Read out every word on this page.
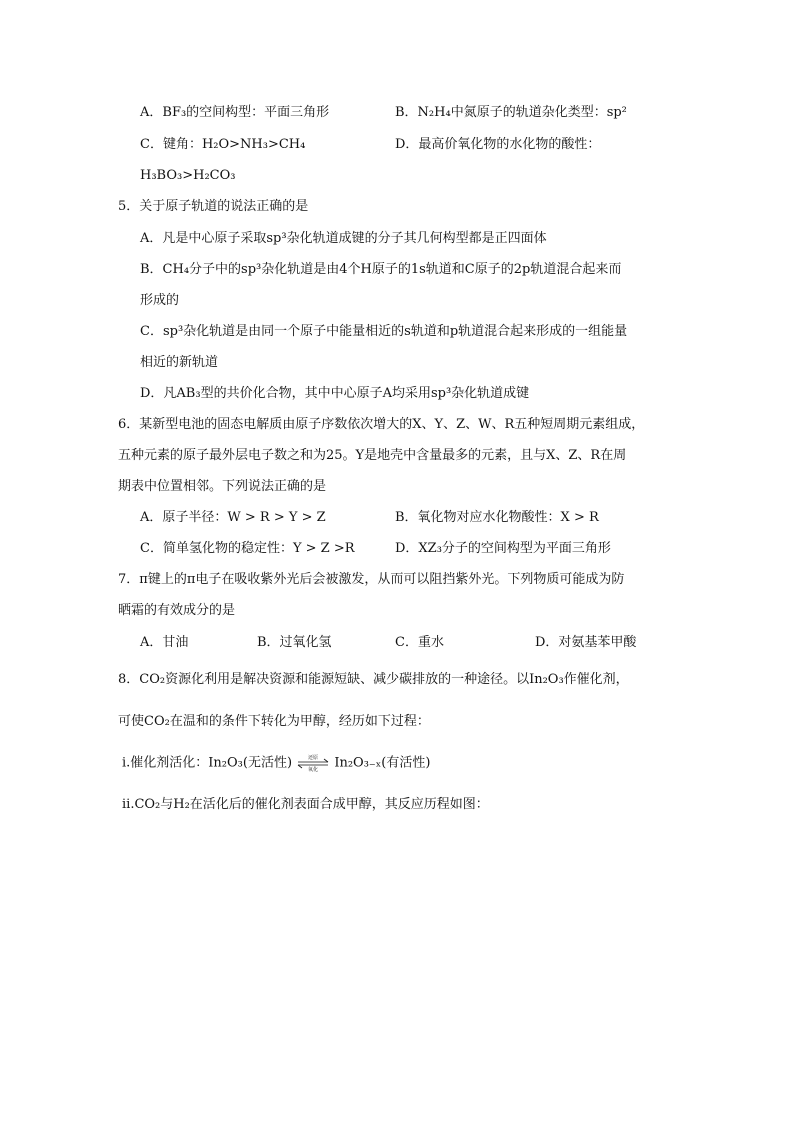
A．BF₃的空间构型：平面三角形	B．N₂H₄中氮原子的轨道杂化类型：sp²
C．键角：H₂O>NH₃>CH₄	D．最高价氧化物的水化物的酸性：
H₃BO₃>H₂CO₃
5．关于原子轨道的说法正确的是
A．凡是中心原子采取sp³杂化轨道成键的分子其几何构型都是正四面体
B．CH₄分子中的sp³杂化轨道是由4个H原子的1s轨道和C原子的2p轨道混合起来而
形成的
C．sp³杂化轨道是由同一个原子中能量相近的s轨道和p轨道混合起来形成的一组能量
相近的新轨道
D．凡AB₃型的共价化合物，其中中心原子A均采用sp³杂化轨道成键
6．某新型电池的固态电解质由原子序数依次增大的X、Y、Z、W、R五种短周期元素组成，
五种元素的原子最外层电子数之和为25。Y是地壳中含量最多的元素，且与X、Z、R在周
期表中位置相邻。下列说法正确的是
A．原子半径：W > R > Y > Z	B．氧化物对应水化物酸性：X > R
C．简单氢化物的稳定性：Y > Z >R	D．XZ₃分子的空间构型为平面三角形
7．π键上的π电子在吸收紫外光后会被激发，从而可以阻挡紫外光。下列物质可能成为防
晒霜的有效成分的是
A．甘油	B．过氧化氢	C．重水	D．对氨基苯甲酸
8．CO₂资源化利用是解决资源和能源短缺、减少碳排放的一种途径。以In₂O₃作催化剂，
可使CO₂在温和的条件下转化为甲醇，经历如下过程：
ⅰ.催化剂活化：In₂O₃(无活性)	还原
氧化 In₂O₃₋ₓ(有活性)
ⅱ.CO₂与H₂在活化后的催化剂表面合成甲醇，其反应历程如图：
